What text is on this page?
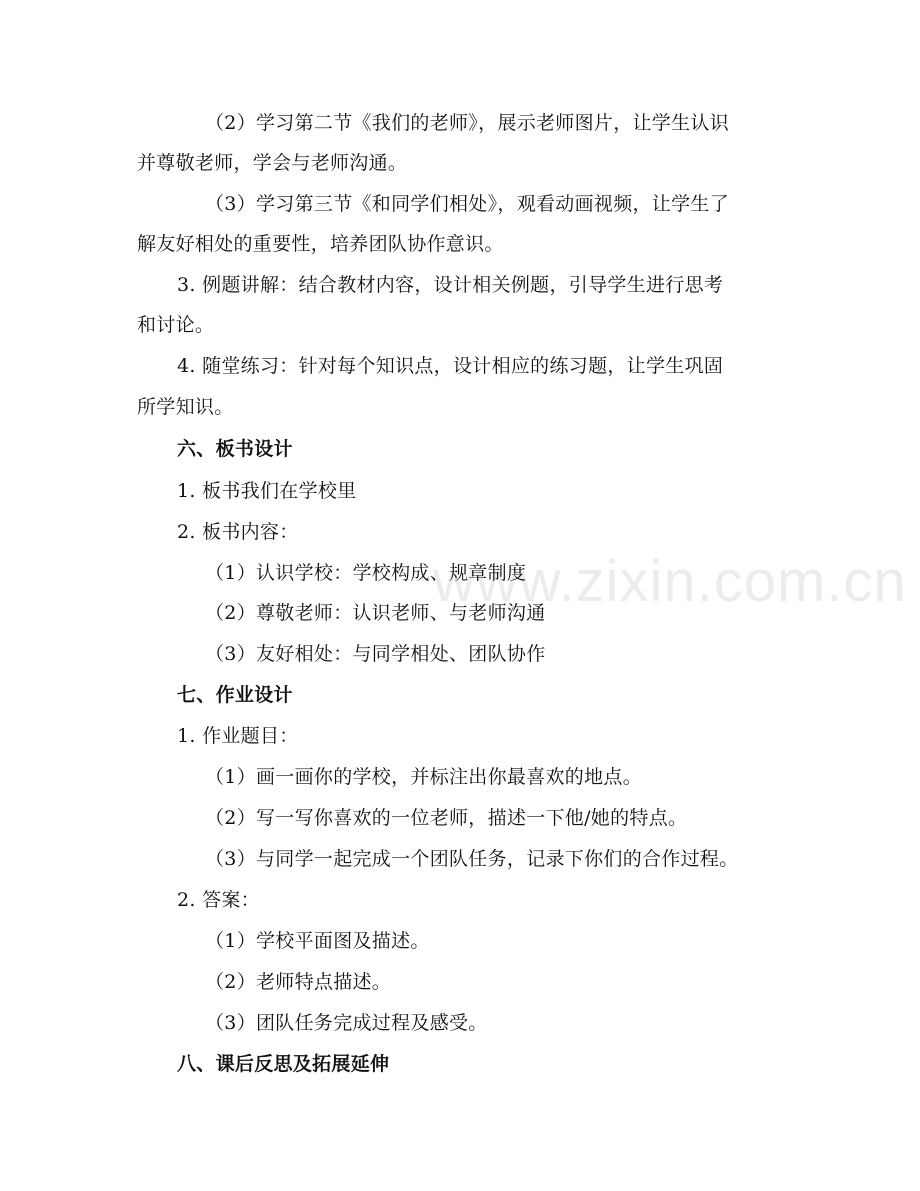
www.zixin.com.cn
（2）学习第二节《我们的老师》，展示老师图片，让学生认识
并尊敬老师，学会与老师沟通。
（3）学习第三节《和同学们相处》，观看动画视频，让学生了
解友好相处的重要性，培养团队协作意识。
3. 例题讲解：结合教材内容，设计相关例题，引导学生进行思考
和讨论。
4. 随堂练习：针对每个知识点，设计相应的练习题，让学生巩固
所学知识。
六、板书设计
1. 板书我们在学校里
2. 板书内容：
（1）认识学校：学校构成、规章制度
（2）尊敬老师：认识老师、与老师沟通
（3）友好相处：与同学相处、团队协作
七、作业设计
1. 作业题目：
（1）画一画你的学校，并标注出你最喜欢的地点。
（2）写一写你喜欢的一位老师，描述一下他/她的特点。
（3）与同学一起完成一个团队任务，记录下你们的合作过程。
2. 答案：
（1）学校平面图及描述。
（2）老师特点描述。
（3）团队任务完成过程及感受。
八、课后反思及拓展延伸
